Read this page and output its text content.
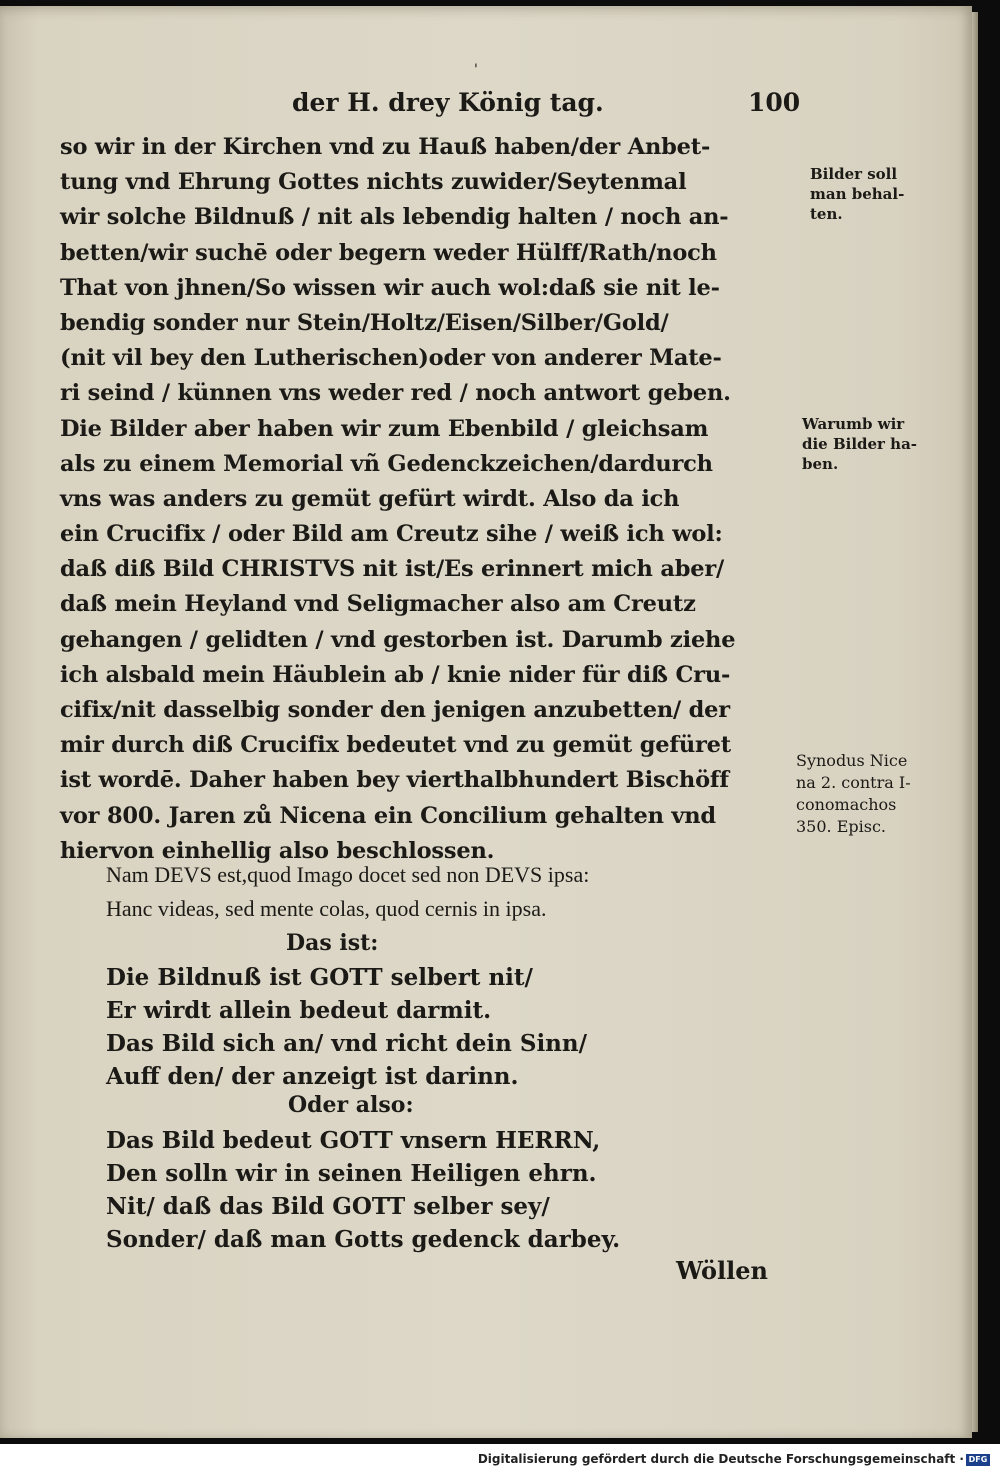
'
der H. drey König tag.	100
so wir in der Kirchen vnd zu Hauß haben/der Anbet-
tung vnd Ehrung Gottes nichts zuwider/Seytenmal
wir solche Bildnuß / nit als lebendig halten / noch an-
betten/wir suchē oder begern weder Hülff/Rath/noch
That von jhnen/So wissen wir auch wol:daß sie nit le-
bendig sonder nur Stein/Holtz/Eisen/Silber/Gold/
(nit vil bey den Lutherischen)oder von anderer Mate-
ri seind / künnen vns weder red / noch antwort geben.
Die Bilder aber haben wir zum Ebenbild / gleichsam
als zu einem Memorial vñ Gedenckzeichen/dardurch
vns was anders zu gemüt gefürt wirdt. Also da ich
ein Crucifix / oder Bild am Creutz sihe / weiß ich wol:
daß diß Bild CHRISTVS nit ist/Es erinnert mich aber/
daß mein Heyland vnd Seligmacher also am Creutz
gehangen / gelidten / vnd gestorben ist. Darumb ziehe
ich alsbald mein Häublein ab / knie nider für diß Cru-
cifix/nit dasselbig sonder den jenigen anzubetten/ der
mir durch diß Crucifix bedeutet vnd zu gemüt gefüret
ist wordē. Daher haben bey vierthalbhundert Bischöff
vor 800. Jaren zů Nicena ein Concilium gehalten vnd
hiervon einhellig also beschlossen.
Bilder soll
man behal-
ten.
Warumb wir
die Bilder ha-
ben.
Synodus Nice
na 2. contra I-
conomachos
350. Episc.
Nam DEVS est,quod Imago docet sed non DEVS ipsa:
Hanc videas, sed mente colas, quod cernis in ipsa.
Das ist:
Die Bildnuß ist GOTT selbert nit/
Er wirdt allein bedeut darmit.
Das Bild sich an/ vnd richt dein Sinn/
Auff den/ der anzeigt ist darinn.
Oder also:
Das Bild bedeut GOTT vnsern HERRN,
Den solln wir in seinen Heiligen ehrn.
Nit/ daß das Bild GOTT selber sey/
Sonder/ daß man Gotts gedenck darbey.
Wöllen
Digitalisierung gefördert durch die Deutsche Forschungsgemeinschaft · DFG
